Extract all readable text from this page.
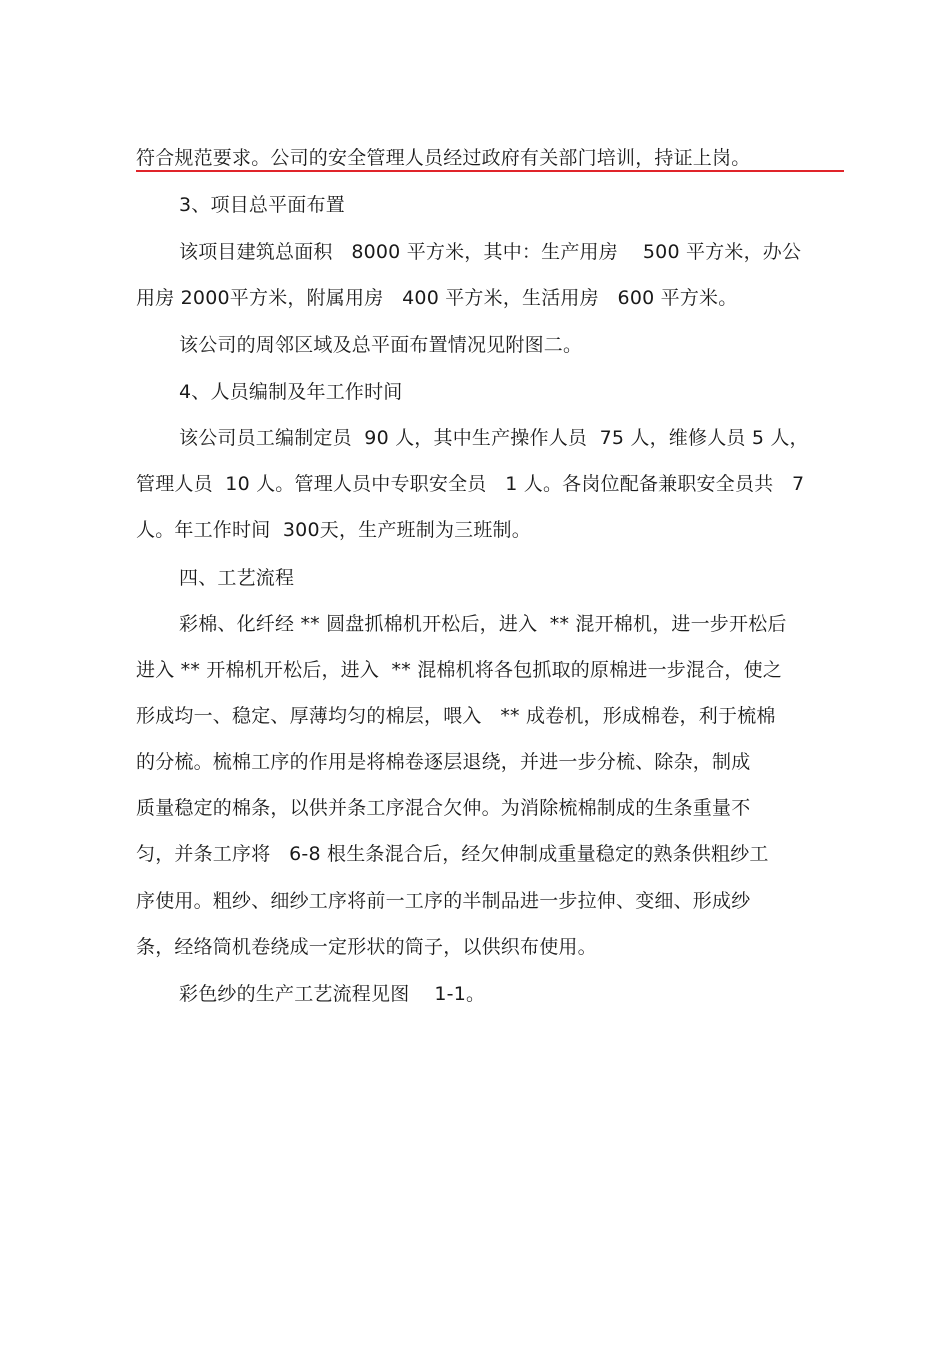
符合规范要求。公司的安全管理人员经过政府有关部门培训，持证上岗。
3、项目总平面布置
该项目建筑总面积   8000 平方米，其中：生产用房    500 平方米，办公
用房 2000平方米，附属用房   400 平方米，生活用房   600 平方米。
该公司的周邻区域及总平面布置情况见附图二。
4、人员编制及年工作时间
该公司员工编制定员  90 人，其中生产操作人员  75 人，维修人员 5 人，
管理人员  10 人。管理人员中专职安全员   1 人。各岗位配备兼职安全员共   7
人。年工作时间  300天，生产班制为三班制。
四、工艺流程
彩棉、化纤经 ** 圆盘抓棉机开松后，进入  ** 混开棉机，进一步开松后
进入 ** 开棉机开松后，进入  ** 混棉机将各包抓取的原棉进一步混合，使之
形成均一、稳定、厚薄均匀的棉层，喂入   ** 成卷机，形成棉卷，利于梳棉
的分梳。梳棉工序的作用是将棉卷逐层退绕，并进一步分梳、除杂，制成
质量稳定的棉条，以供并条工序混合欠伸。为消除梳棉制成的生条重量不
匀，并条工序将   6-8 根生条混合后，经欠伸制成重量稳定的熟条供粗纱工
序使用。粗纱、细纱工序将前一工序的半制品进一步拉伸、变细、形成纱
条，经络筒机卷绕成一定形状的筒子，以供织布使用。
彩色纱的生产工艺流程见图    1-1。
